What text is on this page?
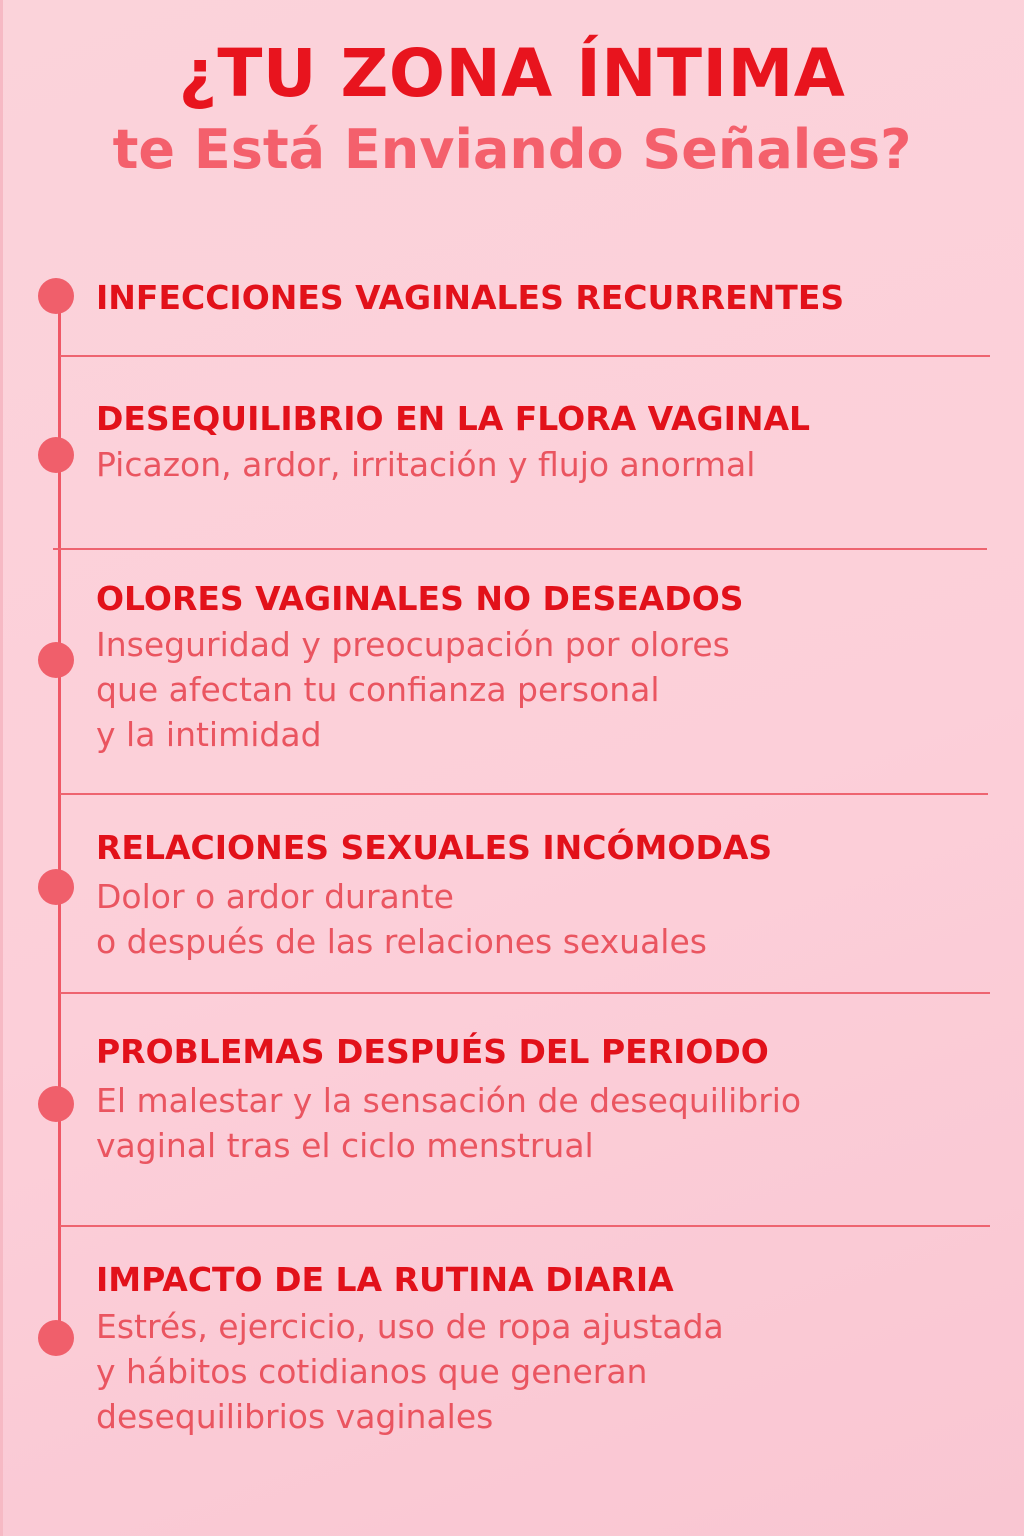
¿TU ZONA ÍNTIMA
te Está Enviando Señales?
INFECCIONES VAGINALES RECURRENTES
DESEQUILIBRIO EN LA FLORA VAGINAL
Picazon, ardor, irritación y flujo anormal
OLORES VAGINALES NO DESEADOS
Inseguridad y preocupación por olores
que afectan tu confianza personal
y la intimidad
RELACIONES SEXUALES INCÓMODAS
Dolor o ardor durante
o después de las relaciones sexuales
PROBLEMAS DESPUÉS DEL PERIODO
El malestar y la sensación de desequilibrio
vaginal tras el ciclo menstrual
IMPACTO DE LA RUTINA DIARIA
Estrés, ejercicio, uso de ropa ajustada
y hábitos cotidianos que generan
desequilibrios vaginales
